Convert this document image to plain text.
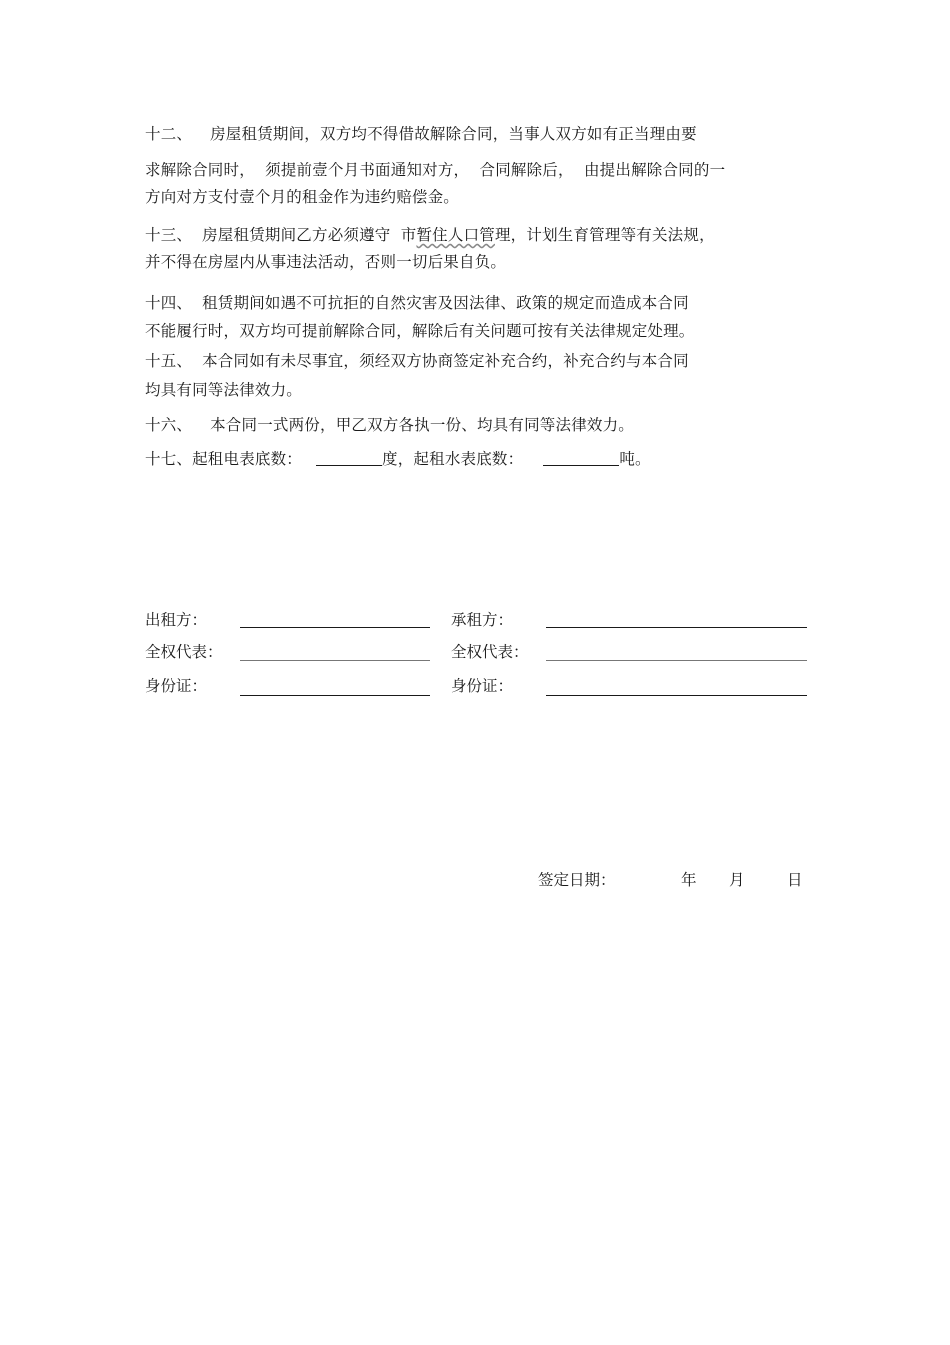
十二、 房屋租赁期间，双方均不得借故解除合同，当事人双方如有正当理由要
求解除合同时，  须提前壹个月书面通知对方，  合同解除后，  由提出解除合同的一
方向对方支付壹个月的租金作为违约赔偿金。
十三、 房屋租赁期间乙方必须遵守  市暂住人口管理，计划生育管理等有关法规，
并不得在房屋内从事违法活动，否则一切后果自负。
十四、 租赁期间如遇不可抗拒的自然灾害及因法律、政策的规定而造成本合同
不能履行时，双方均可提前解除合同，解除后有关问题可按有关法律规定处理。
十五、 本合同如有未尽事宜，须经双方协商签定补充合约，补充合约与本合同
均具有同等法律效力。
十六、 本合同一式两份，甲乙双方各执一份、均具有同等法律效力。
十七、起租电表底数：	度，起租水表底数：	吨。
出租方：	承租方：
全权代表：	全权代表：
身份证：	身份证：
签定日期：	年 月	日
